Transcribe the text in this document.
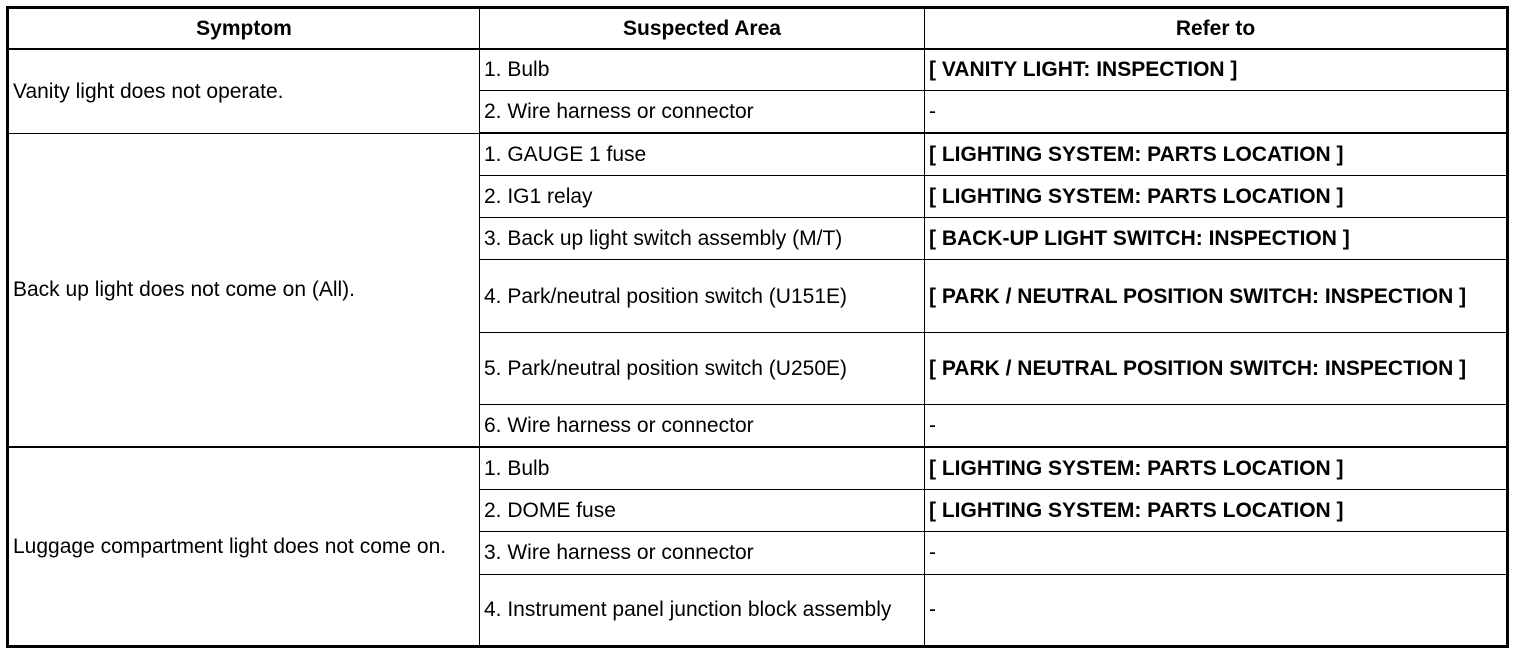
Symptom	Suspected Area	Refer to
Vanity light does not operate.	1. Bulb	[ VANITY LIGHT: INSPECTION ]
	2. Wire harness or connector	-
Back up light does not come on (All).	1. GAUGE 1 fuse	[ LIGHTING SYSTEM: PARTS LOCATION ]
	2. IG1 relay	[ LIGHTING SYSTEM: PARTS LOCATION ]
	3. Back up light switch assembly (M/T)	[ BACK-UP LIGHT SWITCH: INSPECTION ]
	4. Park/neutral position switch (U151E)	[ PARK / NEUTRAL POSITION SWITCH: INSPECTION ]
	5. Park/neutral position switch (U250E)	[ PARK / NEUTRAL POSITION SWITCH: INSPECTION ]
	6. Wire harness or connector	-
Luggage compartment light does not come on.	1. Bulb	[ LIGHTING SYSTEM: PARTS LOCATION ]
	2. DOME fuse	[ LIGHTING SYSTEM: PARTS LOCATION ]
	3. Wire harness or connector	-
	4. Instrument panel junction block assembly	-
